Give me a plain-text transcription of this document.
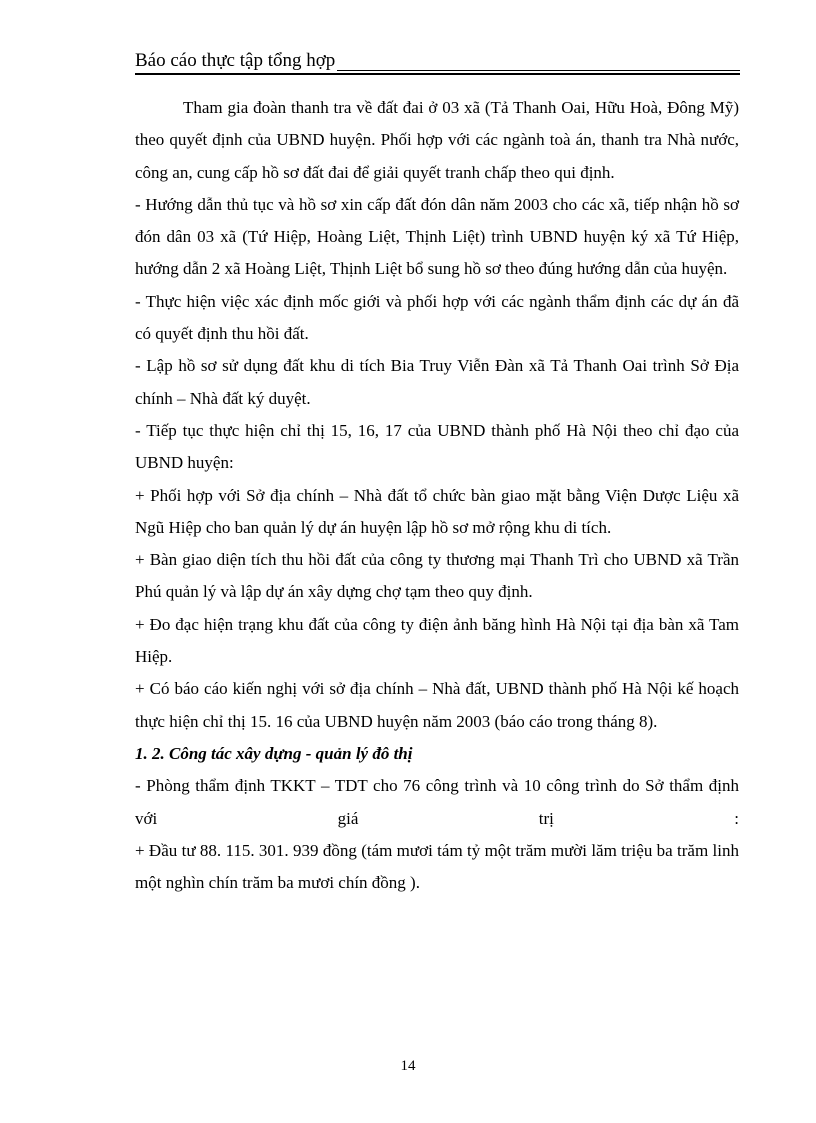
Báo cáo thực tập tổng hợp

Tham gia đoàn thanh tra về đất đai ở 03 xã (Tả Thanh Oai, Hữu Hoà, Đông Mỹ) theo quyết định của UBND huyện. Phối hợp với các ngành toà án, thanh tra Nhà nước, công an, cung cấp hồ sơ đất đai để giải quyết tranh chấp theo qui định.

- Hướng dẫn thủ tục và hồ sơ xin cấp đất đón dân năm 2003 cho các xã, tiếp nhận hồ sơ đón dân 03 xã (Tứ Hiệp, Hoàng Liệt, Thịnh Liệt) trình UBND huyện ký xã Tứ Hiệp, hướng dẫn 2 xã Hoàng Liệt, Thịnh Liệt bổ sung hồ sơ theo đúng hướng dẫn của huyện.

- Thực hiện việc xác định mốc giới và phối hợp với các ngành thẩm định các dự án đã có quyết định thu hồi đất.

- Lập hồ sơ sử dụng đất khu di tích Bia Truy Viễn Đàn xã Tả Thanh Oai trình Sở Địa chính – Nhà đất ký duyệt.

- Tiếp tục thực hiện chỉ thị 15, 16, 17 của UBND thành phố Hà Nội theo chỉ đạo của UBND huyện:

+ Phối hợp với Sở địa chính – Nhà đất tổ chức bàn giao mặt bằng Viện Dược Liệu xã Ngũ Hiệp cho ban quản lý dự án huyện lập hồ sơ mở rộng khu di tích.

+ Bàn giao diện tích thu hồi đất của công ty thương mại Thanh Trì cho UBND xã Trần Phú quản lý và lập dự án xây dựng chợ tạm theo quy định.

+ Đo đạc hiện trạng khu đất của công ty điện ảnh băng hình Hà Nội tại địa bàn xã Tam Hiệp.

+ Có báo cáo kiến nghị với sở địa chính – Nhà đất, UBND thành phố Hà Nội kế hoạch thực hiện chỉ thị 15. 16 của UBND huyện năm 2003 (báo cáo trong tháng 8).

1. 2. Công tác xây dựng - quản lý đô thị

- Phòng thẩm định TKKT – TDT cho 76 công trình và 10 công trình do Sở thẩm định với giá trị :

+ Đầu tư 88. 115. 301. 939 đồng (tám mươi tám tỷ một trăm mười lăm triệu ba trăm linh một nghìn chín trăm ba mươi chín đồng ).

14
